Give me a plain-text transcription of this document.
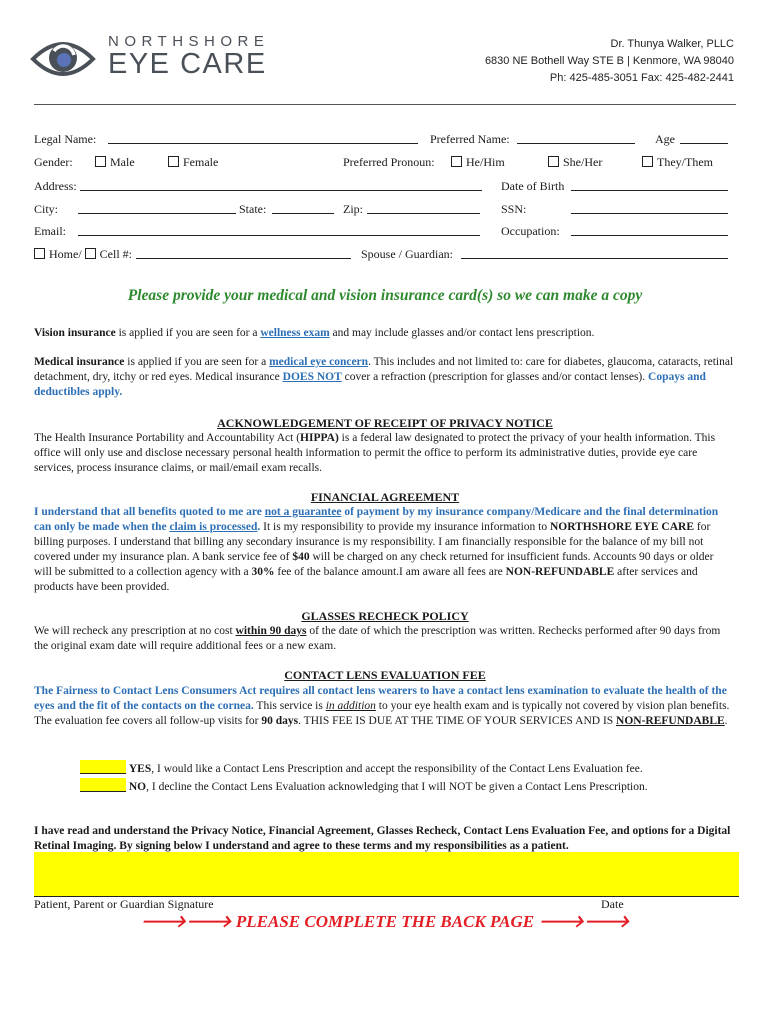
NORTHSHORE
EYE CARE
Dr. Thunya Walker, PLLC
6830 NE Bothell Way STE B | Kenmore, WA 98040
Ph: 425-485-3051 Fax: 425-482-2441
Legal Name:	Preferred Name:	Age
Gender:	Male	Female	Preferred Pronoun:	He/Him	She/Her	They/Them
Address:	Date of Birth
City:	State:	Zip:	SSN:
Email:	Occupation:
Home/ Cell #:	Spouse / Guardian:
Please provide your medical and vision insurance card(s) so we can make a copy
Vision insurance is applied if you are seen for a wellness exam and may include glasses and/or contact lens prescription.
Medical insurance is applied if you are seen for a medical eye concern. This includes and not limited to: care for diabetes, glaucoma, cataracts, retinal detachment, dry, itchy or red eyes. Medical insurance DOES NOT cover a refraction (prescription for glasses and/or contact lenses). Copays and deductibles apply.
ACKNOWLEDGEMENT OF RECEIPT OF PRIVACY NOTICE
The Health Insurance Portability and Accountability Act (HIPPA) is a federal law designated to protect the privacy of your health information. This office will only use and disclose necessary personal health information to permit the office to perform its administrative duties, provide eye care services, process insurance claims, or mail/email exam recalls.
FINANCIAL AGREEMENT
I understand that all benefits quoted to me are not a guarantee of payment by my insurance company/Medicare and the final determination can only be made when the claim is processed. It is my responsibility to provide my insurance information to NORTHSHORE EYE CARE for billing purposes. I understand that billing any secondary insurance is my responsibility. I am financially responsible for the balance of my bill not covered under my insurance plan. A bank service fee of $40 will be charged on any check returned for insufficient funds. Accounts 90 days or older will be submitted to a collection agency with a 30% fee of the balance amount.I am aware all fees are NON-REFUNDABLE after services and products have been provided.
GLASSES RECHECK POLICY
We will recheck any prescription at no cost within 90 days of the date of which the prescription was written. Rechecks performed after 90 days from the original exam date will require additional fees or a new exam.
CONTACT LENS EVALUATION FEE
The Fairness to Contact Lens Consumers Act requires all contact lens wearers to have a contact lens examination to evaluate the health of the eyes and the fit of the contacts on the cornea. This service is in addition to your eye health exam and is typically not covered by vision plan benefits. The evaluation fee covers all follow-up visits for 90 days. THIS FEE IS DUE AT THE TIME OF YOUR SERVICES AND IS NON-REFUNDABLE.
YES, I would like a Contact Lens Prescription and accept the responsibility of the Contact Lens Evaluation fee.
NO, I decline the Contact Lens Evaluation acknowledging that I will NOT be given a Contact Lens Prescription.
I have read and understand the Privacy Notice, Financial Agreement, Glasses Recheck, Contact Lens Evaluation Fee, and options for a Digital Retinal Imaging. By signing below I understand and agree to these terms and my responsibilities as a patient.
Patient, Parent or Guardian Signature	Date
🡒🡒 PLEASE COMPLETE THE BACK PAGE 🡒🡒
